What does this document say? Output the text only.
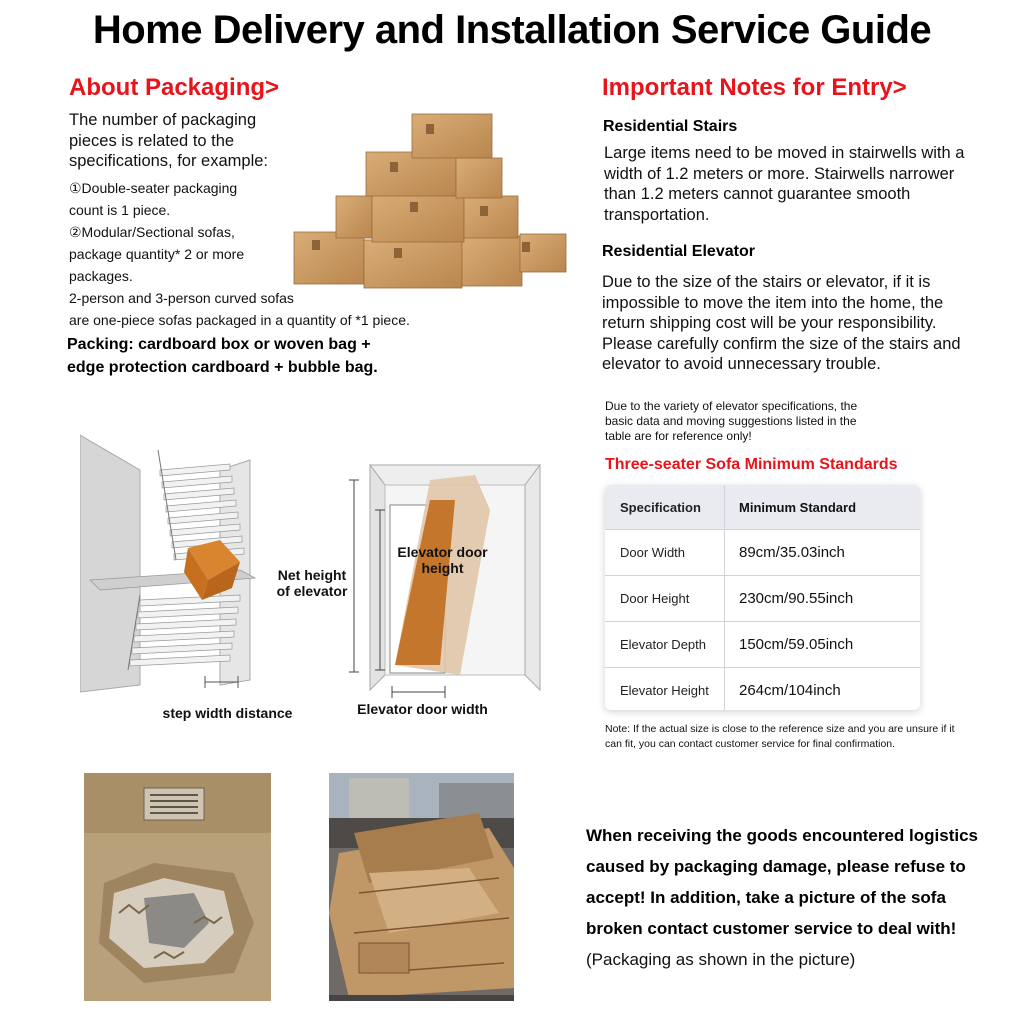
Home Delivery and Installation Service Guide
About Packaging>
The number of packaging
pieces is related to the
specifications, for example:
①Double-seater packaging
count is 1 piece.
②Modular/Sectional sofas,
package quantity* 2 or more
packages.
2-person and 3-person curved sofas
are one-piece sofas packaged in a quantity of *1 piece.
Packing: cardboard box or woven bag +
edge protection cardboard + bubble bag.
Important Notes for Entry>
Residential Stairs
Large items need to be moved in stairwells with a
width of 1.2 meters or more. Stairwells narrower
than 1.2 meters cannot guarantee smooth
transportation.
Residential Elevator
Due to the size of the stairs or elevator, if it is
impossible to move the item into the home, the
return shipping cost will be your responsibility.
Please carefully confirm the size of the stairs and
elevator to avoid unnecessary trouble.
Due to the variety of elevator specifications, the
basic data and moving suggestions listed in the
table are for reference only!
Three-seater Sofa Minimum Standards
Specification	Minimum Standard
Door Width	89cm/35.03inch
Door Height	230cm/90.55inch
Elevator Depth	150cm/59.05inch
Elevator Height	264cm/104inch
Note: If the actual size is close to the reference size and you are unsure if it
can fit, you can contact customer service for final confirmation.
step width distance
Net height
of elevator
Elevator door
height
Elevator door width
When receiving the goods encountered logistics
caused by packaging damage, please refuse to
accept! In addition, take a picture of the sofa
broken contact customer service to deal with!
(Packaging as shown in the picture)
